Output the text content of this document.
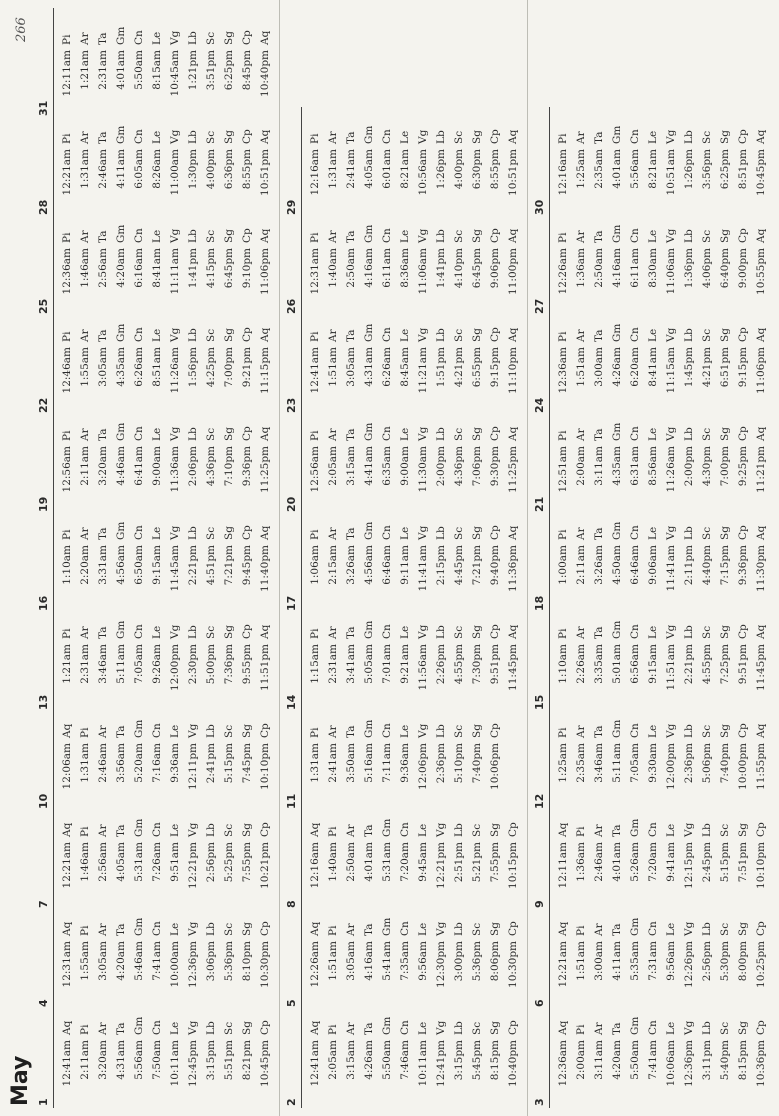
May
266
1
12:41amAq
2:11amPi
3:20amAr
4:31amTa
5:56amGm
7:50amCn
10:11amLe
12:45pmVg
3:15pmLb
5:51pmSc
8:21pmSg
10:45pmCp
4
12:31amAq
1:55amPi
3:05amAr
4:20amTa
5:46amGm
7:41amCn
10:00amLe
12:36pmVg
3:06pmLb
5:36pmSc
8:10pmSg
10:30pmCp
7
12:21amAq
1:46amPi
2:56amAr
4:05amTa
5:31amGm
7:26amCn
9:51amLe
12:21pmVg
2:56pmLb
5:25pmSc
7:55pmSg
10:21pmCp
10
12:06amAq
1:31amPi
2:46amAr
3:56amTa
5:20amGm
7:16amCn
9:36amLe
12:11pmVg
2:41pmLb
5:15pmSc
7:45pmSg
10:10pmCp
13
1:21amPi
2:31amAr
3:46amTa
5:11amGm
7:05amCn
9:26amLe
12:00pmVg
2:30pmLb
5:00pmSc
7:36pmSg
9:55pmCp
11:51pmAq
16
1:10amPi
2:20amAr
3:31amTa
4:56amGm
6:50amCn
9:15amLe
11:45amVg
2:21pmLb
4:51pmSc
7:21pmSg
9:45pmCp
11:40pmAq
19
12:56amPi
2:11amAr
3:20amTa
4:46amGm
6:41amCn
9:00amLe
11:36amVg
2:06pmLb
4:36pmSc
7:10pmSg
9:36pmCp
11:25pmAq
22
12:46amPi
1:55amAr
3:05amTa
4:35amGm
6:26amCn
8:51amLe
11:26amVg
1:56pmLb
4:25pmSc
7:00pmSg
9:21pmCp
11:15pmAq
25
12:36amPi
1:46amAr
2:56amTa
4:20amGm
6:16amCn
8:41amLe
11:11amVg
1:41pmLb
4:15pmSc
6:45pmSg
9:10pmCp
11:06pmAq
28
12:21amPi
1:31amAr
2:46amTa
4:11amGm
6:05amCn
8:26amLe
11:00amVg
1:30pmLb
4:00pmSc
6:36pmSg
8:55pmCp
10:51pmAq
31
12:11amPi
1:21amAr
2:31amTa
4:01amGm
5:50amCn
8:15amLe
10:45amVg
1:21pmLb
3:51pmSc
6:25pmSg
8:45pmCp
10:40pmAq
2
12:41amAq
2:05amPi
3:15amAr
4:26amTa
5:50amGm
7:46amCn
10:11amLe
12:41pmVg
3:15pmLb
5:45pmSc
8:15pmSg
10:40pmCp
5
12:26amAq
1:51amPi
3:05amAr
4:16amTa
5:41amGm
7:35amCn
9:56amLe
12:30pmVg
3:00pmLb
5:36pmSc
8:06pmSg
10:30pmCp
8
12:16amAq
1:40amPi
2:50amAr
4:01amTa
5:31amGm
7:20amCn
9:45amLe
12:21pmVg
2:51pmLb
5:21pmSc
7:55pmSg
10:15pmCp
11
1:31amPi
2:41amAr
3:50amTa
5:16amGm
7:11amCn
9:36amLe
12:06pmVg
2:36pmLb
5:10pmSc
7:40pmSg
10:06pmCp
14
1:15amPi
2:31amAr
3:41amTa
5:05amGm
7:01amCn
9:21amLe
11:56amVg
2:26pmLb
4:55pmSc
7:30pmSg
9:51pmCp
11:45pmAq
17
1:06amPi
2:15amAr
3:26amTa
4:56amGm
6:46amCn
9:11amLe
11:41amVg
2:15pmLb
4:45pmSc
7:21pmSg
9:40pmCp
11:36pmAq
20
12:56amPi
2:05amAr
3:15amTa
4:41amGm
6:35amCn
9:00amLe
11:30amVg
2:00pmLb
4:36pmSc
7:06pmSg
9:30pmCp
11:25pmAq
23
12:41amPi
1:51amAr
3:05amTa
4:31amGm
6:26amCn
8:45amLe
11:21amVg
1:51pmLb
4:21pmSc
6:55pmSg
9:15pmCp
11:10pmAq
26
12:31amPi
1:40amAr
2:50amTa
4:16amGm
6:11amCn
8:36amLe
11:06amVg
1:41pmLb
4:10pmSc
6:45pmSg
9:06pmCp
11:00pmAq
29
12:16amPi
1:31amAr
2:41amTa
4:05amGm
6:01amCn
8:21amLe
10:56amVg
1:26pmLb
4:00pmSc
6:30pmSg
8:55pmCp
10:51pmAq
3
12:36amAq
2:00amPi
3:11amAr
4:20amTa
5:50amGm
7:41amCn
10:06amLe
12:36pmVg
3:11pmLb
5:40pmSc
8:15pmSg
10:36pmCp
6
12:21amAq
1:51amPi
3:00amAr
4:11amTa
5:35amGm
7:31amCn
9:56amLe
12:26pmVg
2:56pmLb
5:30pmSc
8:00pmSg
10:25pmCp
9
12:11amAq
1:36amPi
2:46amAr
4:01amTa
5:26amGm
7:20amCn
9:41amLe
12:15pmVg
2:45pmLb
5:15pmSc
7:51pmSg
10:10pmCp
12
1:25amPi
2:35amAr
3:46amTa
5:11amGm
7:05amCn
9:30amLe
12:00pmVg
2:36pmLb
5:06pmSc
7:40pmSg
10:00pmCp
11:55pmAq
15
1:10amPi
2:26amAr
3:35amTa
5:01amGm
6:56amCn
9:15amLe
11:51amVg
2:21pmLb
4:55pmSc
7:25pmSg
9:51pmCp
11:45pmAq
18
1:00amPi
2:11amAr
3:26amTa
4:50amGm
6:46amCn
9:06amLe
11:41amVg
2:11pmLb
4:40pmSc
7:15pmSg
9:36pmCp
11:30pmAq
21
12:51amPi
2:00amAr
3:11amTa
4:35amGm
6:31amCn
8:56amLe
11:26amVg
2:00pmLb
4:30pmSc
7:00pmSg
9:25pmCp
11:21pmAq
24
12:36amPi
1:51amAr
3:00amTa
4:26amGm
6:20amCn
8:41amLe
11:15amVg
1:45pmLb
4:21pmSc
6:51pmSg
9:15pmCp
11:06pmAq
27
12:26amPi
1:36amAr
2:50amTa
4:16amGm
6:11amCn
8:30amLe
11:06amVg
1:36pmLb
4:06pmSc
6:40pmSg
9:00pmCp
10:55pmAq
30
12:16amPi
1:25amAr
2:35amTa
4:01amGm
5:56amCn
8:21amLe
10:51amVg
1:26pmLb
3:56pmSc
6:25pmSg
8:51pmCp
10:45pmAq
